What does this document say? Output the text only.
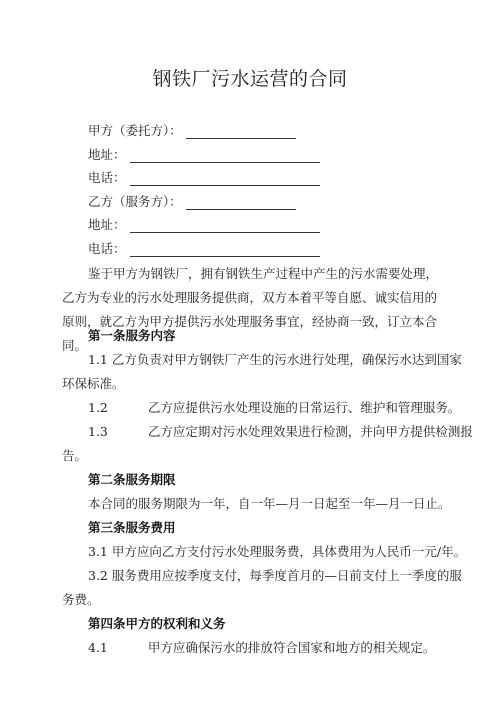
钢铁厂污水运营的合同
甲方（委托方）：
地址：
电话：
乙方（服务方）：
地址：
电话：
鉴于甲方为钢铁厂，拥有钢铁生产过程中产生的污水需要处理，乙方为专业的污水处理服务提供商，双方本着平等自愿、诚实信用的原则，就乙方为甲方提供污水处理服务事宜，经协商一致，订立本合同。
第一条服务内容
1.1 乙方负责对甲方钢铁厂产生的污水进行处理，确保污水达到国家
环保标准。
1.2	乙方应提供污水处理设施的日常运行、维护和管理服务。
1.3	乙方应定期对污水处理效果进行检测，并向甲方提供检测报
告。
第二条服务期限
本合同的服务期限为一年，自一年—月一日起至一年—月一日止。
第三条服务费用
3.1 甲方应向乙方支付污水处理服务费，具体费用为人民币一元/年。
3.2 服务费用应按季度支付，每季度首月的—日前支付上一季度的服
务费。
第四条甲方的权利和义务
4.1	甲方应确保污水的排放符合国家和地方的相关规定。
